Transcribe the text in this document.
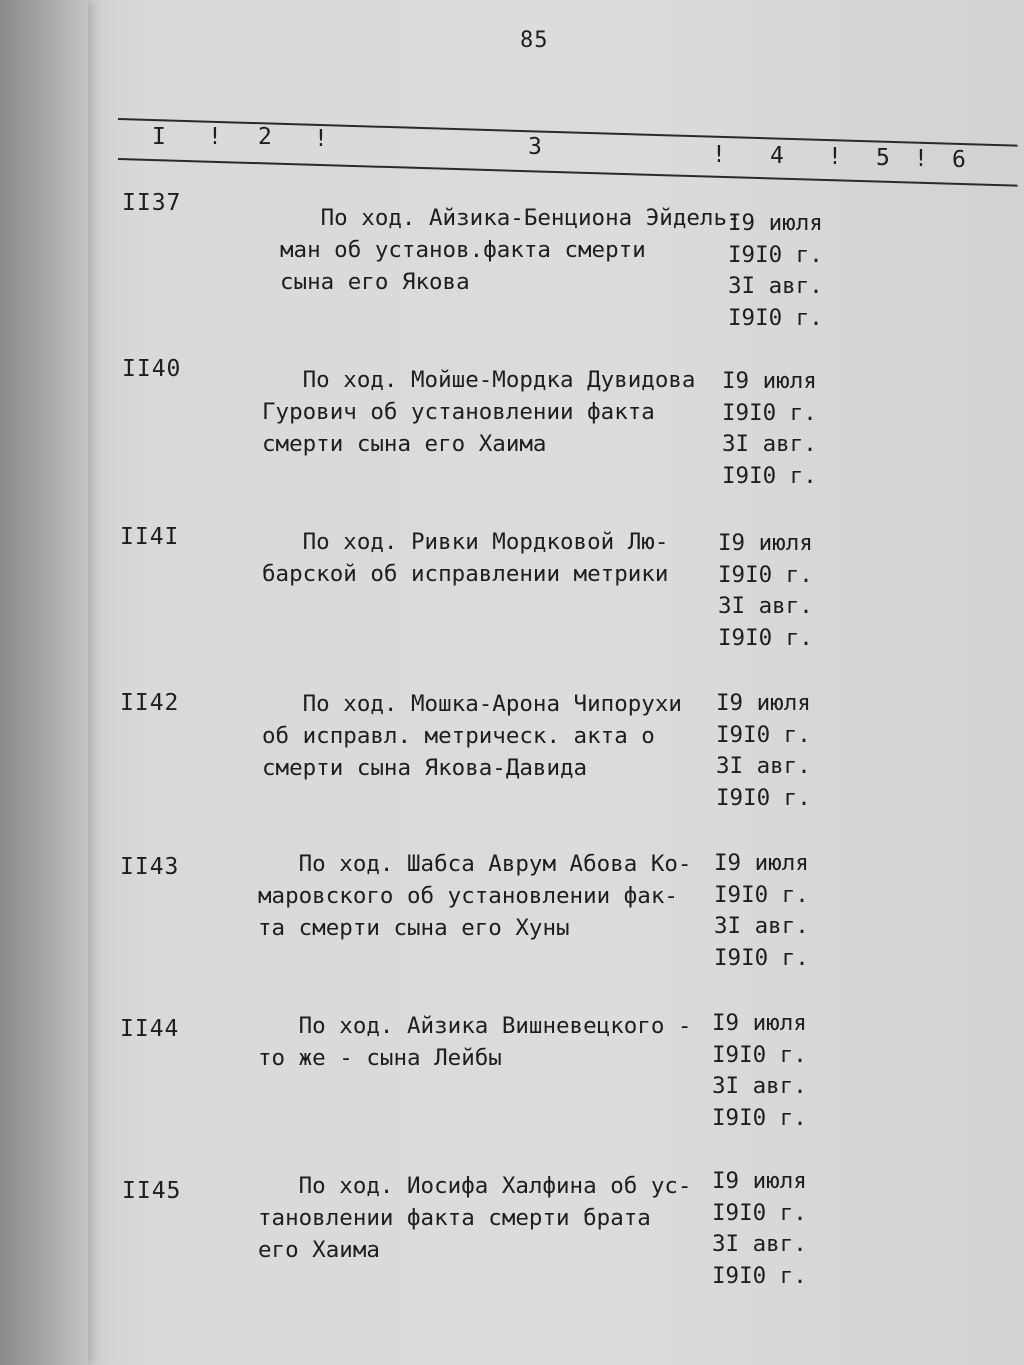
85
I ! 2 !	3	! 4 ! 5 ! 6
II37
По ход. Айзика-Бенциона Эйдель-
ман об установ.факта смерти
сына его Якова
I9 июля
I9I0 г.
3I авг.
I9I0 г.
II40	По ход. Мойше-Мордка Дувидова
Гурович об установлении факта
смерти сына его Хаима
I9 июля
I9I0 г.
3I авг.
I9I0 г.
II4I	По ход. Ривки Мордковой Лю-
барской об исправлении метрики

I9 июля
I9I0 г.
3I авг.
I9I0 г.
II42	По ход. Мошка-Арона Чипорухи
об исправл. метрическ. акта о
смерти сына Якова-Давида
I9 июля
I9I0 г.
3I авг.
I9I0 г.
II43	По ход. Шабса Аврум Абова Ко-
маровского об установлении фак-
та смерти сына его Хуны
I9 июля
I9I0 г.
3I авг.
I9I0 г.
II44	По ход. Айзика Вишневецкого -
то же - сына Лейбы

I9 июля
I9I0 г.
3I авг.
I9I0 г.
II45	По ход. Иосифа Халфина об ус-
тановлении факта смерти брата
его Хаима
I9 июля
I9I0 г.
3I авг.
I9I0 г.
